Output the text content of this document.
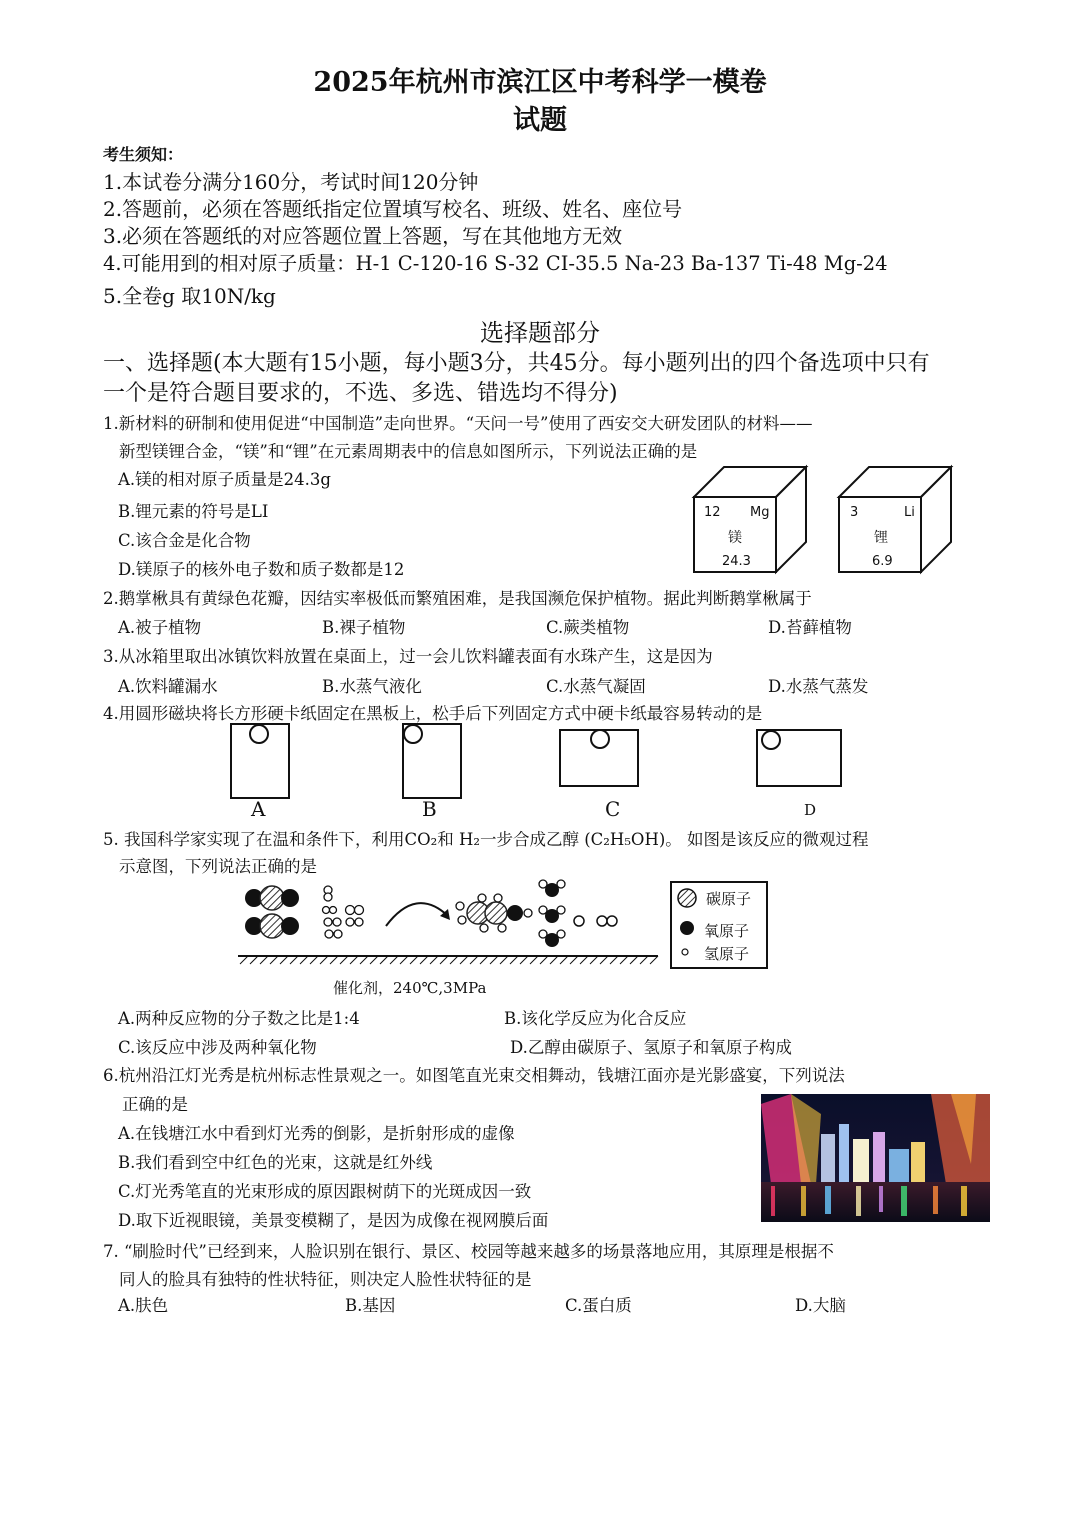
2025年杭州市滨江区中考科学一模卷
试题
考生须知：
1.本试卷分满分160分，考试时间120分钟
2.答题前，必须在答题纸指定位置填写校名、班级、姓名、座位号
3.必须在答题纸的对应答题位置上答题，写在其他地方无效
4.可能用到的相对原子质量：H-1 C-120-16 S-32 CI-35.5 Na-23 Ba-137 Ti-48 Mg-24
5.全卷g 取10N/kg
选择题部分
一、选择题(本大题有15小题，每小题3分，共45分。每小题列出的四个备选项中只有
一个是符合题目要求的，不选、多选、错选均不得分)
1.新材料的研制和使用促进“中国制造”走向世界。“天问一号”使用了西安交大研发团队的材料——
新型镁锂合金，“镁”和“锂”在元素周期表中的信息如图所示，下列说法正确的是
A.镁的相对原子质量是24.3g
B.锂元素的符号是LI
C.该合金是化合物
D.镁原子的核外电子数和质子数都是12
12 Mg
镁
24.3
3	Li
锂
6.9
2.鹅掌楸具有黄绿色花瓣，因结实率极低而繁殖困难，是我国濒危保护植物。据此判断鹅掌楸属于
A.被子植物	B.裸子植物	C.蕨类植物	D.苔藓植物
3.从冰箱里取出冰镇饮料放置在桌面上，过一会儿饮料罐表面有水珠产生，这是因为
A.饮料罐漏水	B.水蒸气液化	C.水蒸气凝固	D.水蒸气蒸发
4.用圆形磁块将长方形硬卡纸固定在黑板上，松手后下列固定方式中硬卡纸最容易转动的是
A	B	C	D
5. 我国科学家实现了在温和条件下，利用CO₂和 H₂一步合成乙醇 (C₂H₅OH)。 如图是该反应的微观过程
示意图，下列说法正确的是
碳原子
氧原子
氢原子
催化剂，240℃,3MPa
A.两种反应物的分子数之比是1:4	B.该化学反应为化合反应
C.该反应中涉及两种氧化物	D.乙醇由碳原子、氢原子和氧原子构成
6.杭州沿江灯光秀是杭州标志性景观之一。如图笔直光束交相舞动，钱塘江面亦是光影盛宴，下列说法
正确的是
A.在钱塘江水中看到灯光秀的倒影，是折射形成的虚像
B.我们看到空中红色的光束，这就是红外线
C.灯光秀笔直的光束形成的原因跟树荫下的光斑成因一致
D.取下近视眼镜，美景变模糊了，是因为成像在视网膜后面
7. “刷脸时代”已经到来，人脸识别在银行、景区、校园等越来越多的场景落地应用，其原理是根据不
同人的脸具有独特的性状特征，则决定人脸性状特征的是
A.肤色	B.基因	C.蛋白质	D.大脑
